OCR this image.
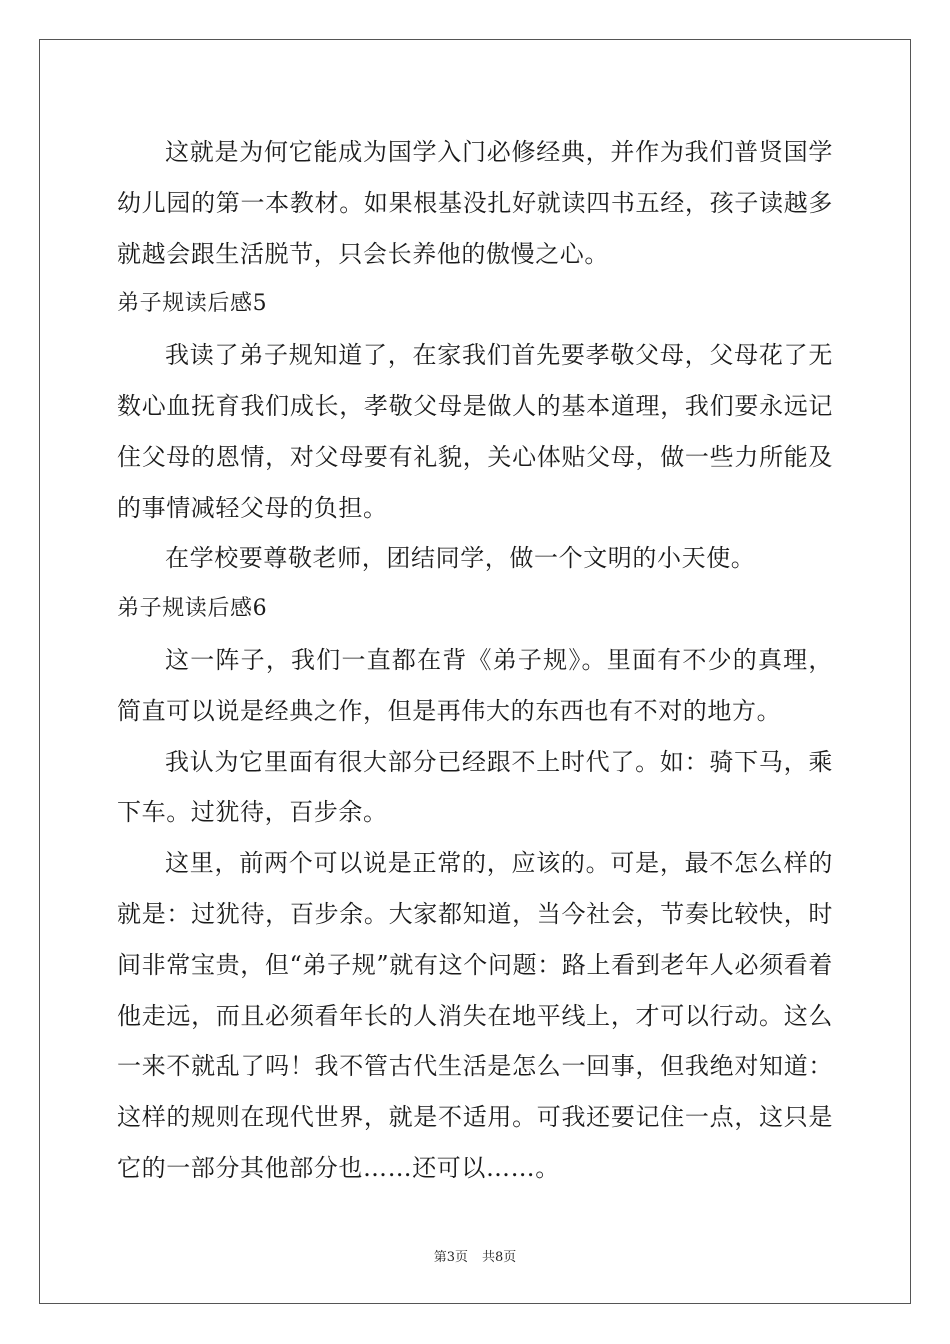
这就是为何它能成为国学入门必修经典，并作为我们普贤国学幼儿园的第一本教材。如果根基没扎好就读四书五经，孩子读越多就越会跟生活脱节，只会长养他的傲慢之心。

弟子规读后感5

我读了弟子规知道了，在家我们首先要孝敬父母，父母花了无数心血抚育我们成长，孝敬父母是做人的基本道理，我们要永远记住父母的恩情，对父母要有礼貌，关心体贴父母，做一些力所能及的事情减轻父母的负担。

在学校要尊敬老师，团结同学，做一个文明的小天使。

弟子规读后感6

这一阵子，我们一直都在背《弟子规》。里面有不少的真理，简直可以说是经典之作，但是再伟大的东西也有不对的地方。

我认为它里面有很大部分已经跟不上时代了。如：骑下马，乘下车。过犹待，百步余。

这里，前两个可以说是正常的，应该的。可是，最不怎么样的就是：过犹待，百步余。大家都知道，当今社会，节奏比较快，时间非常宝贵，但“弟子规”就有这个问题：路上看到老年人必须看着他走远，而且必须看年长的人消失在地平线上，才可以行动。这么一来不就乱了吗！我不管古代生活是怎么一回事，但我绝对知道：这样的规则在现代世界，就是不适用。可我还要记住一点，这只是它的一部分其他部分也……还可以……。

第3页 共8页
